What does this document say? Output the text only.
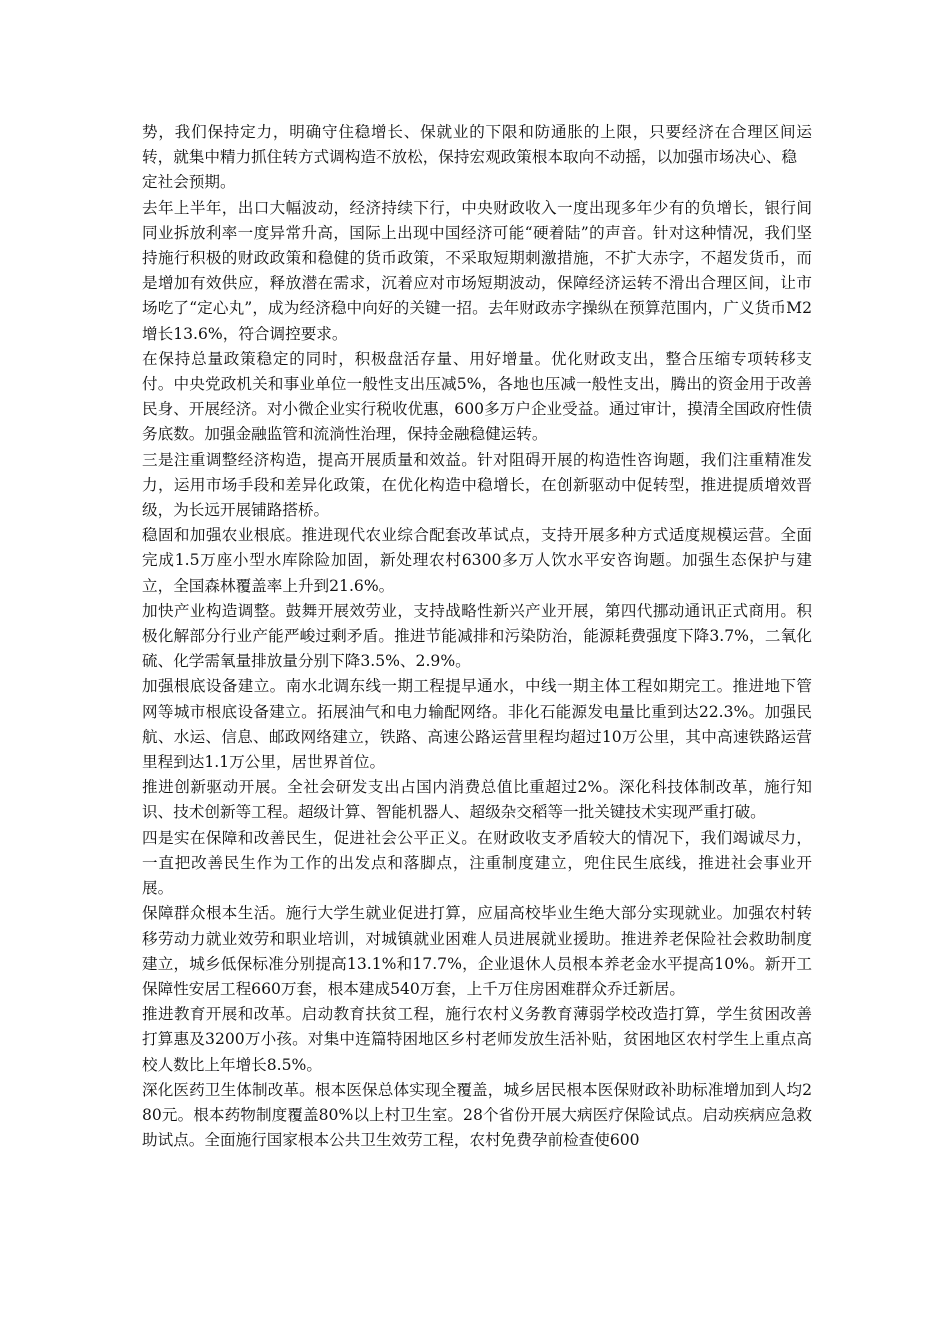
势，我们保持定力，明确守住稳增长、保就业的下限和防通胀的上限，只要经济在合理区间运转，就集中精力抓住转方式调构造不放松，保持宏观政策根本取向不动摇，以加强市场决心、稳
定社会预期。

去年上半年，出口大幅波动，经济持续下行，中央财政收入一度出现多年少有的负增长，银行间同业拆放利率一度异常升高，国际上出现中国经济可能“硬着陆”的声音。针对这种情况，我们坚持施行积极的财政政策和稳健的货币政策，不采取短期刺激措施，不扩大赤字，不超发货币，而是增加有效供应，释放潜在需求，沉着应对市场短期波动，保障经济运转不滑出合理区间，让市场吃了“定心丸”，成为经济稳中向好的关键一招。去年财政赤字操纵在预算范围内，广义货币M2增长13.6%，符合调控要求。

在保持总量政策稳定的同时，积极盘活存量、用好增量。优化财政支出，整合压缩专项转移支付。中央党政机关和事业单位一般性支出压减5%，各地也压减一般性支出，腾出的资金用于改善民身、开展经济。对小微企业实行税收优惠，600多万户企业受益。通过审计，摸清全国政府性债务底数。加强金融监管和流淌性治理，保持金融稳健运转。

三是注重调整经济构造，提高开展质量和效益。针对阻碍开展的构造性咨询题，我们注重精准发力，运用市场手段和差异化政策，在优化构造中稳增长，在创新驱动中促转型，推进提质增效晋级，为长远开展铺路搭桥。

稳固和加强农业根底。推进现代农业综合配套改革试点，支持开展多种方式适度规模运营。全面完成1.5万座小型水库除险加固，新处理农村6300多万人饮水平安咨询题。加强生态保护与建立，全国森林覆盖率上升到21.6%。

加快产业构造调整。鼓舞开展效劳业，支持战略性新兴产业开展，第四代挪动通讯正式商用。积极化解部分行业产能严峻过剩矛盾。推进节能减排和污染防治，能源耗费强度下降3.7%，二氧化硫、化学需氧量排放量分别下降3.5%、2.9%。

加强根底设备建立。南水北调东线一期工程提早通水，中线一期主体工程如期完工。推进地下管网等城市根底设备建立。拓展油气和电力输配网络。非化石能源发电量比重到达22.3%。加强民航、水运、信息、邮政网络建立，铁路、高速公路运营里程均超过10万公里，其中高速铁路运营里程到达1.1万公里，居世界首位。

推进创新驱动开展。全社会研发支出占国内消费总值比重超过2%。深化科技体制改革，施行知识、技术创新等工程。超级计算、智能机器人、超级杂交稻等一批关键技术实现严重打破。

四是实在保障和改善民生，促进社会公平正义。在财政收支矛盾较大的情况下，我们竭诚尽力，一直把改善民生作为工作的出发点和落脚点，注重制度建立，兜住民生底线，推进社会事业开展。

保障群众根本生活。施行大学生就业促进打算，应届高校毕业生绝大部分实现就业。加强农村转移劳动力就业效劳和职业培训，对城镇就业困难人员进展就业援助。推进养老保险社会救助制度建立，城乡低保标准分别提高13.1%和17.7%，企业退休人员根本养老金水平提高10%。新开工保障性安居工程660万套，根本建成540万套，上千万住房困难群众乔迁新居。

推进教育开展和改革。启动教育扶贫工程，施行农村义务教育薄弱学校改造打算，学生贫困改善打算惠及3200万小孩。对集中连篇特困地区乡村老师发放生活补贴，贫困地区农村学生上重点高校人数比上年增长8.5%。

深化医药卫生体制改革。根本医保总体实现全覆盖，城乡居民根本医保财政补助标准增加到人均280元。根本药物制度覆盖80%以上村卫生室。28个省份开展大病医疗保险试点。启动疾病应急救助试点。全面施行国家根本公共卫生效劳工程，农村免费孕前检查使600
